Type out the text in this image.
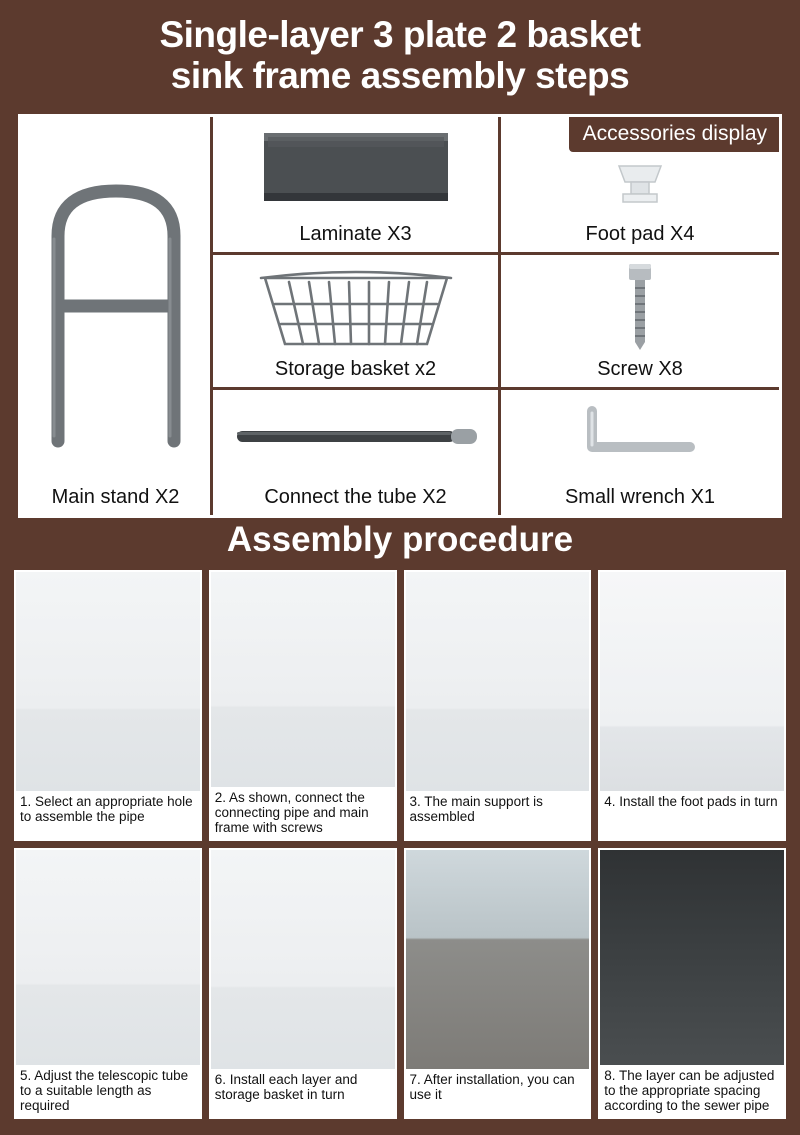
Single-layer 3 plate 2 basket
sink frame assembly steps
Main stand X2
Laminate X3
Storage basket x2
Connect the tube X2
Accessories display
Foot pad X4
Screw X8
Small wrench X1
Assembly procedure
1. Select an appropriate hole to assemble the pipe
2. As shown, connect the connecting pipe and main frame with screws
3. The main support is assembled
4. Install the foot pads in turn
5. Adjust the telescopic tube to a suitable length as required
6. Install each layer and storage basket in turn
7. After installation, you can use it
8. The layer can be adjusted to the appropriate spacing according to the sewer pipe
